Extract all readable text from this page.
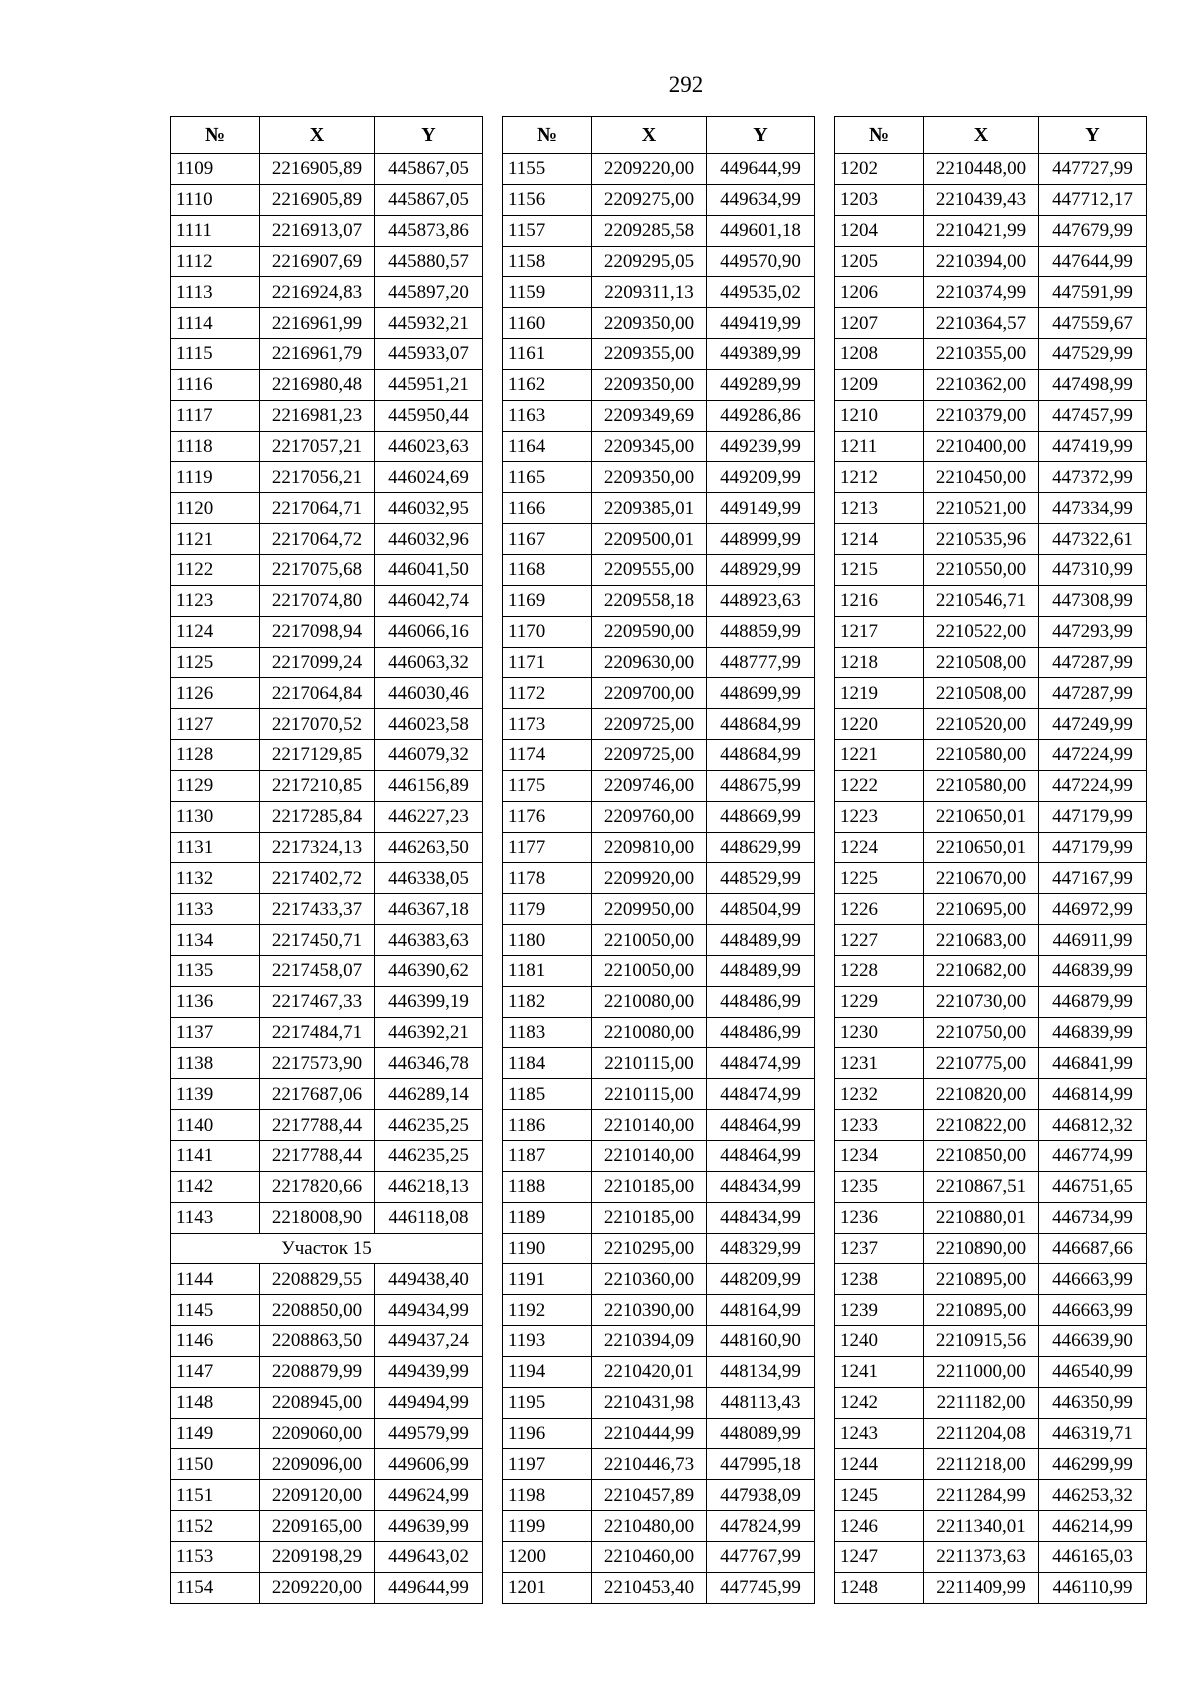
292
№	X	Y
1109	2216905,89	445867,05
1110	2216905,89	445867,05
1111	2216913,07	445873,86
1112	2216907,69	445880,57
1113	2216924,83	445897,20
1114	2216961,99	445932,21
1115	2216961,79	445933,07
1116	2216980,48	445951,21
1117	2216981,23	445950,44
1118	2217057,21	446023,63
1119	2217056,21	446024,69
1120	2217064,71	446032,95
1121	2217064,72	446032,96
1122	2217075,68	446041,50
1123	2217074,80	446042,74
1124	2217098,94	446066,16
1125	2217099,24	446063,32
1126	2217064,84	446030,46
1127	2217070,52	446023,58
1128	2217129,85	446079,32
1129	2217210,85	446156,89
1130	2217285,84	446227,23
1131	2217324,13	446263,50
1132	2217402,72	446338,05
1133	2217433,37	446367,18
1134	2217450,71	446383,63
1135	2217458,07	446390,62
1136	2217467,33	446399,19
1137	2217484,71	446392,21
1138	2217573,90	446346,78
1139	2217687,06	446289,14
1140	2217788,44	446235,25
1141	2217788,44	446235,25
1142	2217820,66	446218,13
1143	2218008,90	446118,08
Участок 15		
1144	2208829,55	449438,40
1145	2208850,00	449434,99
1146	2208863,50	449437,24
1147	2208879,99	449439,99
1148	2208945,00	449494,99
1149	2209060,00	449579,99
1150	2209096,00	449606,99
1151	2209120,00	449624,99
1152	2209165,00	449639,99
1153	2209198,29	449643,02
1154	2209220,00	449644,99
№	X	Y
1155	2209220,00	449644,99
1156	2209275,00	449634,99
1157	2209285,58	449601,18
1158	2209295,05	449570,90
1159	2209311,13	449535,02
1160	2209350,00	449419,99
1161	2209355,00	449389,99
1162	2209350,00	449289,99
1163	2209349,69	449286,86
1164	2209345,00	449239,99
1165	2209350,00	449209,99
1166	2209385,01	449149,99
1167	2209500,01	448999,99
1168	2209555,00	448929,99
1169	2209558,18	448923,63
1170	2209590,00	448859,99
1171	2209630,00	448777,99
1172	2209700,00	448699,99
1173	2209725,00	448684,99
1174	2209725,00	448684,99
1175	2209746,00	448675,99
1176	2209760,00	448669,99
1177	2209810,00	448629,99
1178	2209920,00	448529,99
1179	2209950,00	448504,99
1180	2210050,00	448489,99
1181	2210050,00	448489,99
1182	2210080,00	448486,99
1183	2210080,00	448486,99
1184	2210115,00	448474,99
1185	2210115,00	448474,99
1186	2210140,00	448464,99
1187	2210140,00	448464,99
1188	2210185,00	448434,99
1189	2210185,00	448434,99
1190	2210295,00	448329,99
1191	2210360,00	448209,99
1192	2210390,00	448164,99
1193	2210394,09	448160,90
1194	2210420,01	448134,99
1195	2210431,98	448113,43
1196	2210444,99	448089,99
1197	2210446,73	447995,18
1198	2210457,89	447938,09
1199	2210480,00	447824,99
1200	2210460,00	447767,99
1201	2210453,40	447745,99
№	X	Y
1202	2210448,00	447727,99
1203	2210439,43	447712,17
1204	2210421,99	447679,99
1205	2210394,00	447644,99
1206	2210374,99	447591,99
1207	2210364,57	447559,67
1208	2210355,00	447529,99
1209	2210362,00	447498,99
1210	2210379,00	447457,99
1211	2210400,00	447419,99
1212	2210450,00	447372,99
1213	2210521,00	447334,99
1214	2210535,96	447322,61
1215	2210550,00	447310,99
1216	2210546,71	447308,99
1217	2210522,00	447293,99
1218	2210508,00	447287,99
1219	2210508,00	447287,99
1220	2210520,00	447249,99
1221	2210580,00	447224,99
1222	2210580,00	447224,99
1223	2210650,01	447179,99
1224	2210650,01	447179,99
1225	2210670,00	447167,99
1226	2210695,00	446972,99
1227	2210683,00	446911,99
1228	2210682,00	446839,99
1229	2210730,00	446879,99
1230	2210750,00	446839,99
1231	2210775,00	446841,99
1232	2210820,00	446814,99
1233	2210822,00	446812,32
1234	2210850,00	446774,99
1235	2210867,51	446751,65
1236	2210880,01	446734,99
1237	2210890,00	446687,66
1238	2210895,00	446663,99
1239	2210895,00	446663,99
1240	2210915,56	446639,90
1241	2211000,00	446540,99
1242	2211182,00	446350,99
1243	2211204,08	446319,71
1244	2211218,00	446299,99
1245	2211284,99	446253,32
1246	2211340,01	446214,99
1247	2211373,63	446165,03
1248	2211409,99	446110,99
